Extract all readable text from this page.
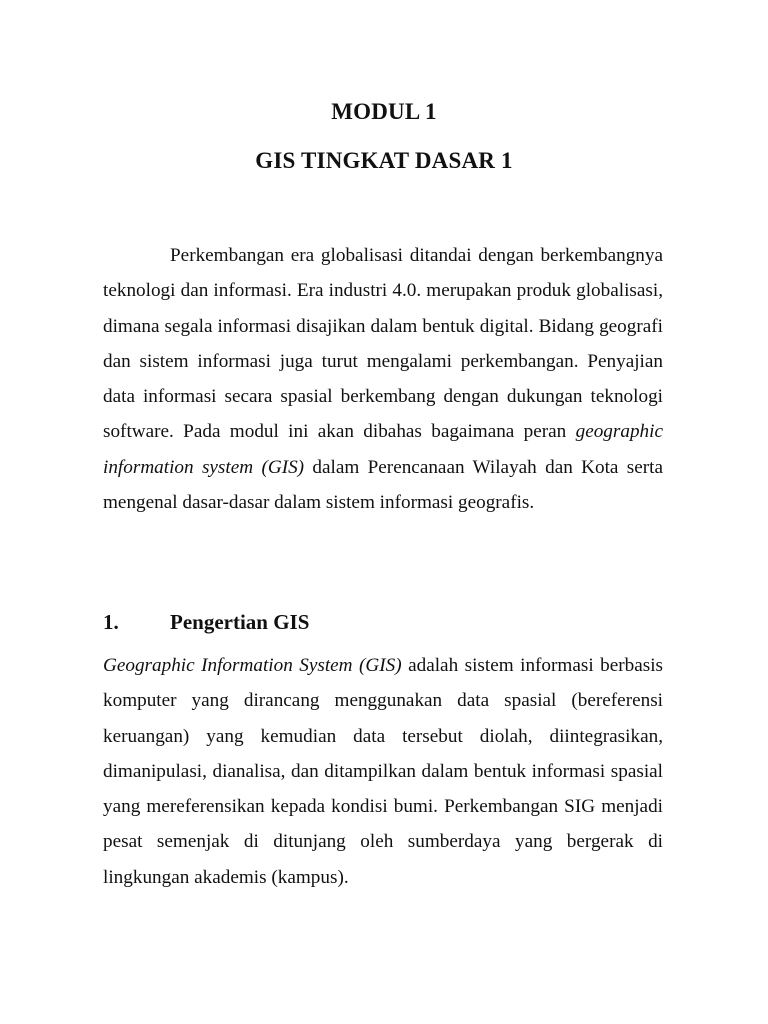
MODUL 1
GIS TINGKAT DASAR 1

Perkembangan era globalisasi ditandai dengan berkembangnya teknologi dan informasi. Era industri 4.0. merupakan produk globalisasi, dimana segala informasi disajikan dalam bentuk digital. Bidang geografi dan sistem informasi juga turut mengalami perkembangan. Penyajian data informasi secara spasial berkembang dengan dukungan teknologi software. Pada modul ini akan dibahas bagaimana peran geographic information system (GIS) dalam Perencanaan Wilayah dan Kota serta mengenal dasar-dasar dalam sistem informasi geografis.

1. Pengertian GIS

Geographic Information System (GIS) adalah sistem informasi berbasis komputer yang dirancang menggunakan data spasial (bereferensi keruangan) yang kemudian data tersebut diolah, diintegrasikan, dimanipulasi, dianalisa, dan ditampilkan dalam bentuk informasi spasial yang mereferensikan kepada kondisi bumi. Perkembangan SIG menjadi pesat semenjak di ditunjang oleh sumberdaya yang bergerak di lingkungan akademis (kampus).
